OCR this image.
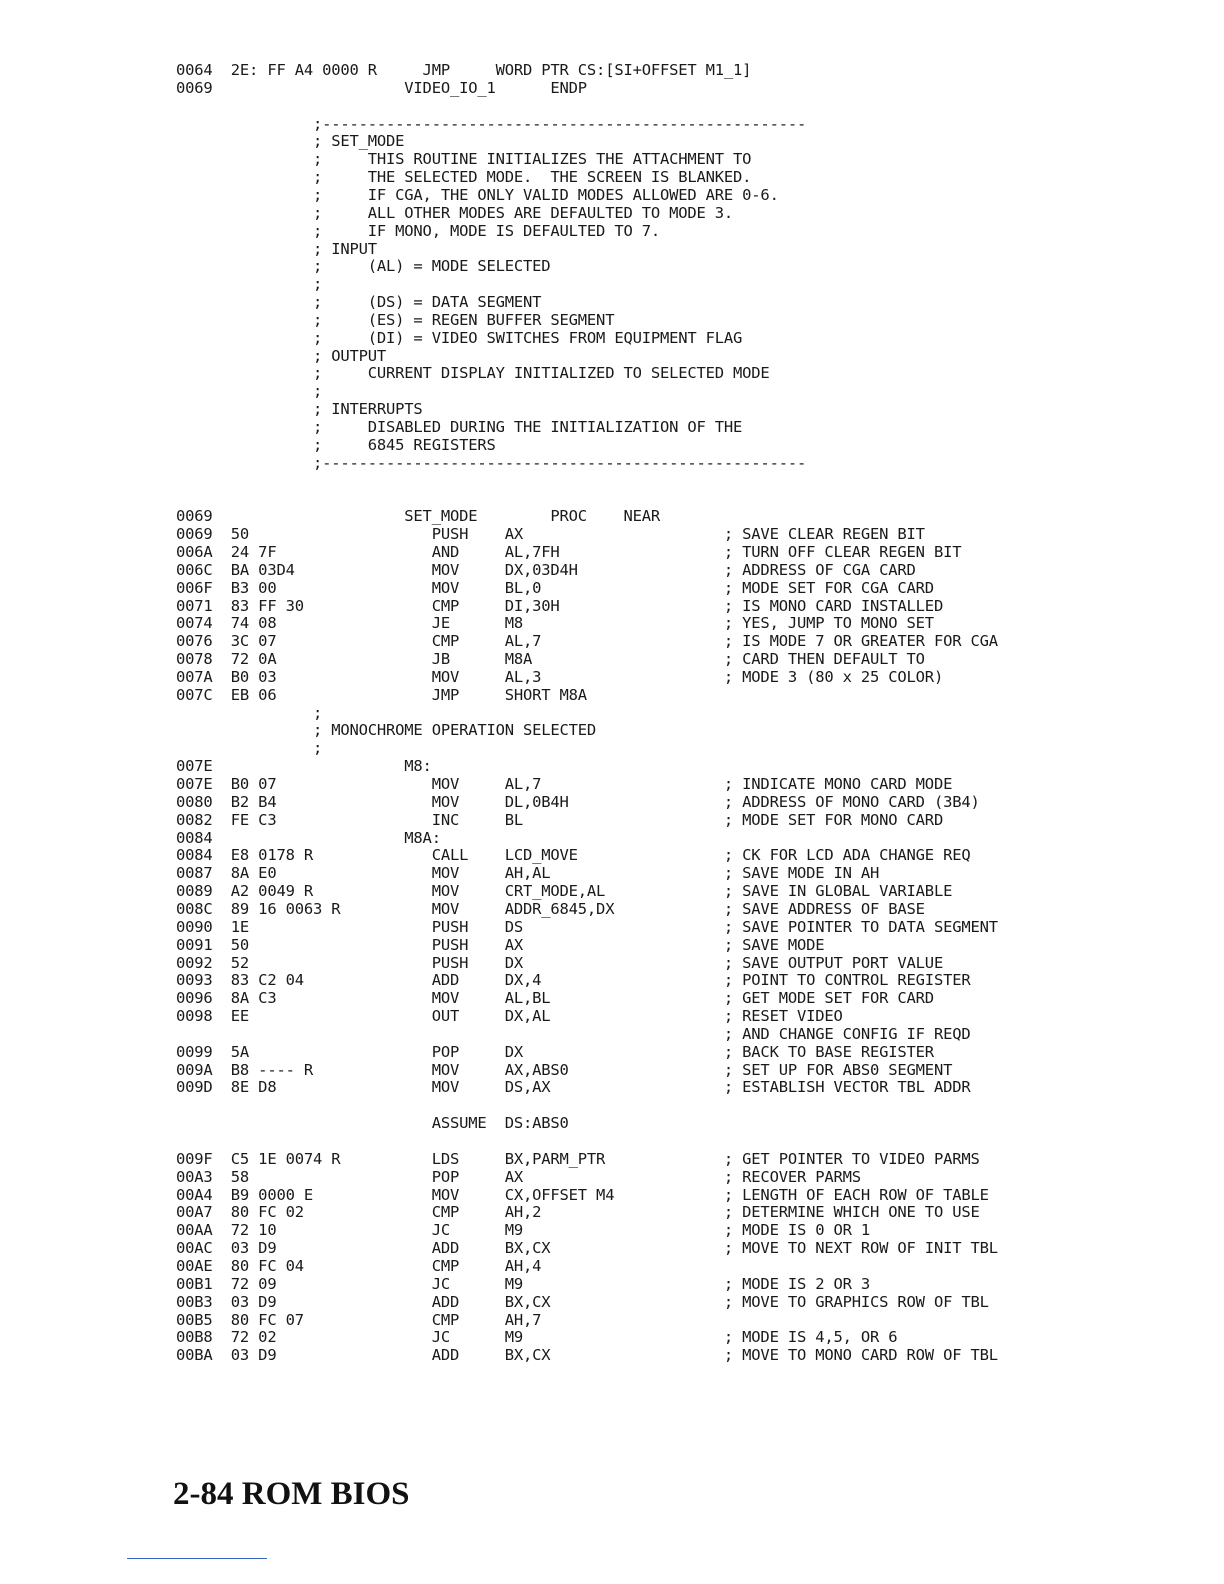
0064  2E: FF A4 0000 R     JMP     WORD PTR CS:[SI+OFFSET M1_1]
0069                     VIDEO_IO_1      ENDP
;-----------------------------------------------------
; SET_MODE
;     THIS ROUTINE INITIALIZES THE ATTACHMENT TO
;     THE SELECTED MODE.  THE SCREEN IS BLANKED.
;     IF CGA, THE ONLY VALID MODES ALLOWED ARE 0-6.
;     ALL OTHER MODES ARE DEFAULTED TO MODE 3.
;     IF MONO, MODE IS DEFAULTED TO 7.
; INPUT
;     (AL) = MODE SELECTED
;
;     (DS) = DATA SEGMENT
;     (ES) = REGEN BUFFER SEGMENT
;     (DI) = VIDEO SWITCHES FROM EQUIPMENT FLAG
; OUTPUT
;     CURRENT DISPLAY INITIALIZED TO SELECTED MODE
;
; INTERRUPTS
;     DISABLED DURING THE INITIALIZATION OF THE
;     6845 REGISTERS
;-----------------------------------------------------
0069                     SET_MODE        PROC    NEAR
0069  50                    PUSH    AX                      ; SAVE CLEAR REGEN BIT
006A  24 7F                 AND     AL,7FH                  ; TURN OFF CLEAR REGEN BIT
006C  BA 03D4               MOV     DX,03D4H                ; ADDRESS OF CGA CARD
006F  B3 00                 MOV     BL,0                    ; MODE SET FOR CGA CARD
0071  83 FF 30              CMP     DI,30H                  ; IS MONO CARD INSTALLED
0074  74 08                 JE      M8                      ; YES, JUMP TO MONO SET
0076  3C 07                 CMP     AL,7                    ; IS MODE 7 OR GREATER FOR CGA
0078  72 0A                 JB      M8A                     ; CARD THEN DEFAULT TO
007A  B0 03                 MOV     AL,3                    ; MODE 3 (80 x 25 COLOR)
007C  EB 06                 JMP     SHORT M8A
;
; MONOCHROME OPERATION SELECTED
;
007E                     M8:
007E  B0 07                 MOV     AL,7                    ; INDICATE MONO CARD MODE
0080  B2 B4                 MOV     DL,0B4H                 ; ADDRESS OF MONO CARD (3B4)
0082  FE C3                 INC     BL                      ; MODE SET FOR MONO CARD
0084                     M8A:
0084  E8 0178 R             CALL    LCD_MOVE                ; CK FOR LCD ADA CHANGE REQ
0087  8A E0                 MOV     AH,AL                   ; SAVE MODE IN AH
0089  A2 0049 R             MOV     CRT_MODE,AL             ; SAVE IN GLOBAL VARIABLE
008C  89 16 0063 R          MOV     ADDR_6845,DX            ; SAVE ADDRESS OF BASE
0090  1E                    PUSH    DS                      ; SAVE POINTER TO DATA SEGMENT
0091  50                    PUSH    AX                      ; SAVE MODE
0092  52                    PUSH    DX                      ; SAVE OUTPUT PORT VALUE
0093  83 C2 04              ADD     DX,4                    ; POINT TO CONTROL REGISTER
0096  8A C3                 MOV     AL,BL                   ; GET MODE SET FOR CARD
0098  EE                    OUT     DX,AL                   ; RESET VIDEO
; AND CHANGE CONFIG IF REQD
0099  5A                    POP     DX                      ; BACK TO BASE REGISTER
009A  B8 ---- R             MOV     AX,ABS0                 ; SET UP FOR ABS0 SEGMENT
009D  8E D8                 MOV     DS,AX                   ; ESTABLISH VECTOR TBL ADDR
ASSUME  DS:ABS0
009F  C5 1E 0074 R          LDS     BX,PARM_PTR             ; GET POINTER TO VIDEO PARMS
00A3  58                    POP     AX                      ; RECOVER PARMS
00A4  B9 0000 E             MOV     CX,OFFSET M4            ; LENGTH OF EACH ROW OF TABLE
00A7  80 FC 02              CMP     AH,2                    ; DETERMINE WHICH ONE TO USE
00AA  72 10                 JC      M9                      ; MODE IS 0 OR 1
00AC  03 D9                 ADD     BX,CX                   ; MOVE TO NEXT ROW OF INIT TBL
00AE  80 FC 04              CMP     AH,4
00B1  72 09                 JC      M9                      ; MODE IS 2 OR 3
00B3  03 D9                 ADD     BX,CX                   ; MOVE TO GRAPHICS ROW OF TBL
00B5  80 FC 07              CMP     AH,7
00B8  72 02                 JC      M9                      ; MODE IS 4,5, OR 6
00BA  03 D9                 ADD     BX,CX                   ; MOVE TO MONO CARD ROW OF TBL
2-84 ROM BIOS
